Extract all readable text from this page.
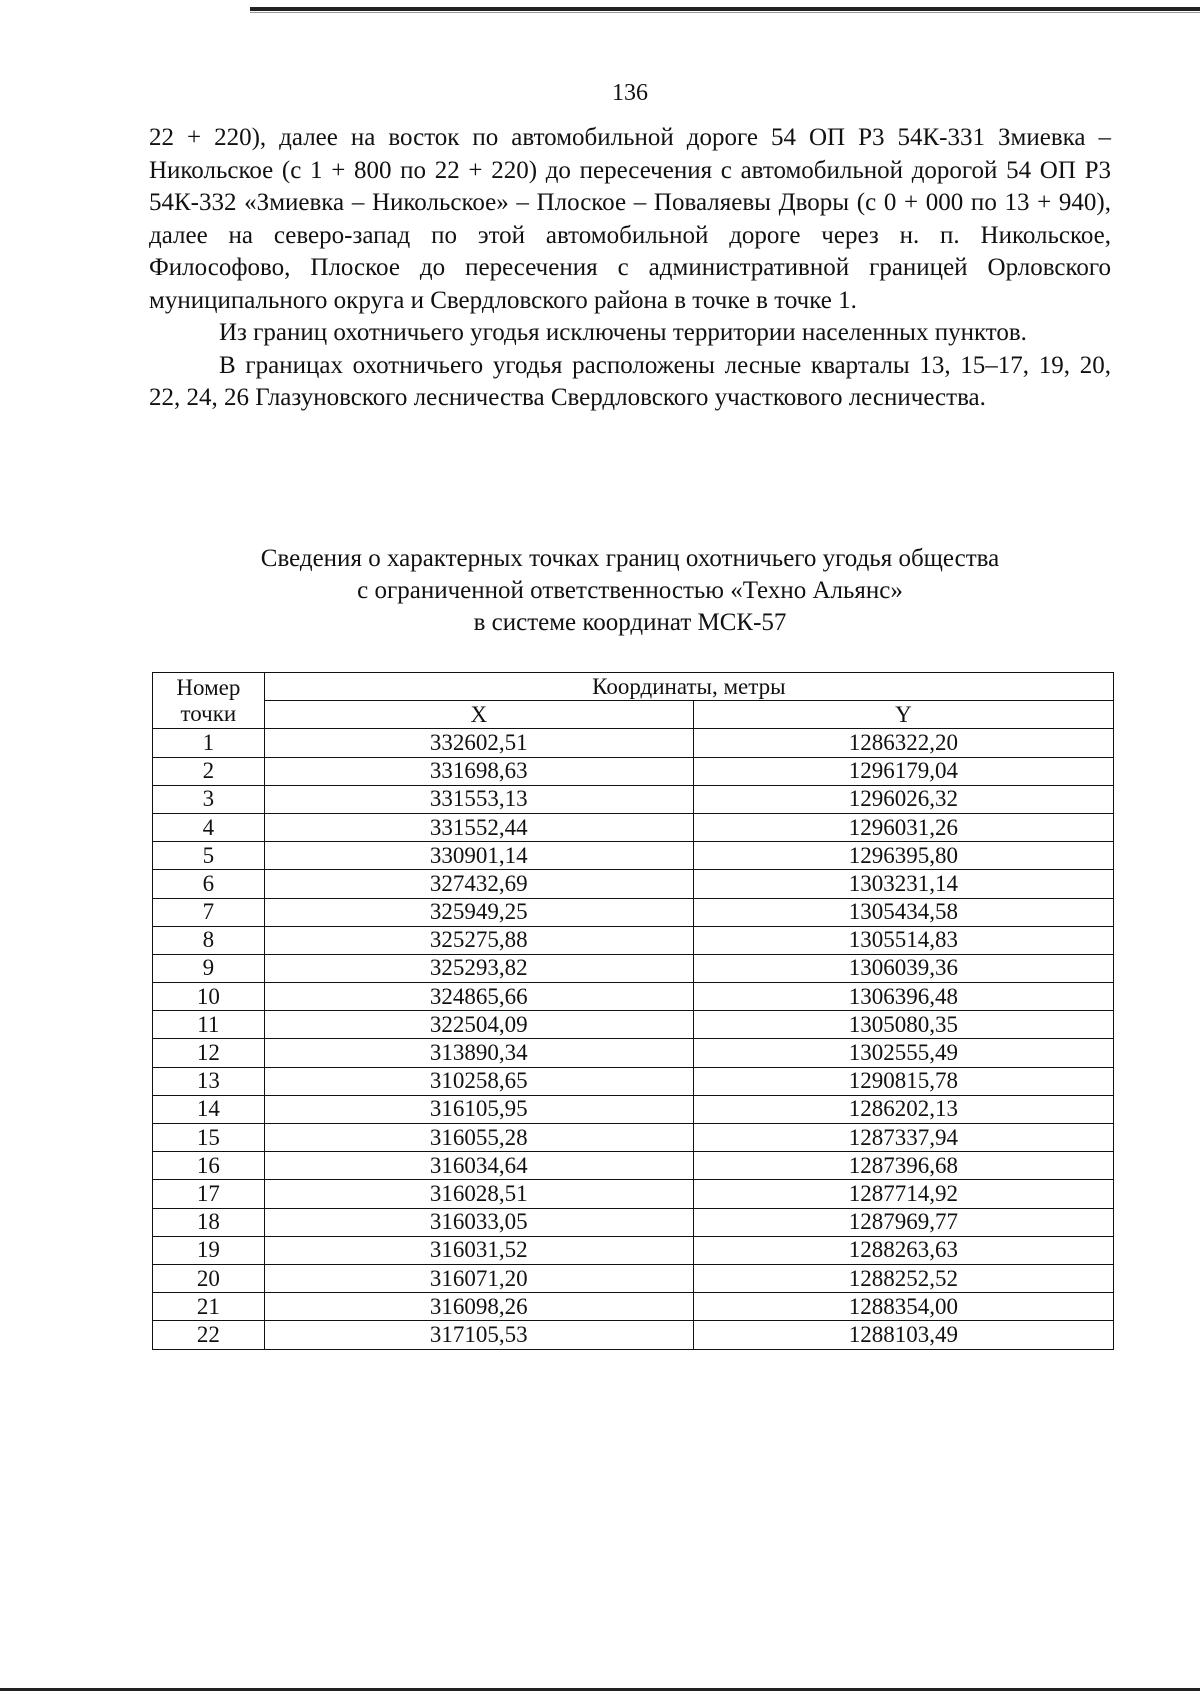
136

22 + 220), далее на восток по автомобильной дороге 54 ОП Р3 54К-331 Змиевка – Никольское (с 1 + 800 по 22 + 220) до пересечения с автомобильной дорогой 54 ОП Р3 54К-332 «Змиевка – Никольское» – Плоское – Поваляевы Дворы (с 0 + 000 по 13 + 940), далее на северо-запад по этой автомобильной дороге через н. п. Никольское, Философово, Плоское до пересечения с административной границей Орловского муниципального округа и Свердловского района в точке в точке 1.

Из границ охотничьего угодья исключены территории населенных пунктов.

В границах охотничьего угодья расположены лесные кварталы 13, 15–17, 19, 20, 22, 24, 26 Глазуновского лесничества Свердловского участкового лесничества.

Сведения о характерных точках границ охотничьего угодья общества
с ограниченной ответственностью «Техно Альянс»
в системе координат МСК-57
Номер
точки	Координаты, метры	
	X	Y
1	332602,51	1286322,20
2	331698,63	1296179,04
3	331553,13	1296026,32
4	331552,44	1296031,26
5	330901,14	1296395,80
6	327432,69	1303231,14
7	325949,25	1305434,58
8	325275,88	1305514,83
9	325293,82	1306039,36
10	324865,66	1306396,48
11	322504,09	1305080,35
12	313890,34	1302555,49
13	310258,65	1290815,78
14	316105,95	1286202,13
15	316055,28	1287337,94
16	316034,64	1287396,68
17	316028,51	1287714,92
18	316033,05	1287969,77
19	316031,52	1288263,63
20	316071,20	1288252,52
21	316098,26	1288354,00
22	317105,53	1288103,49
